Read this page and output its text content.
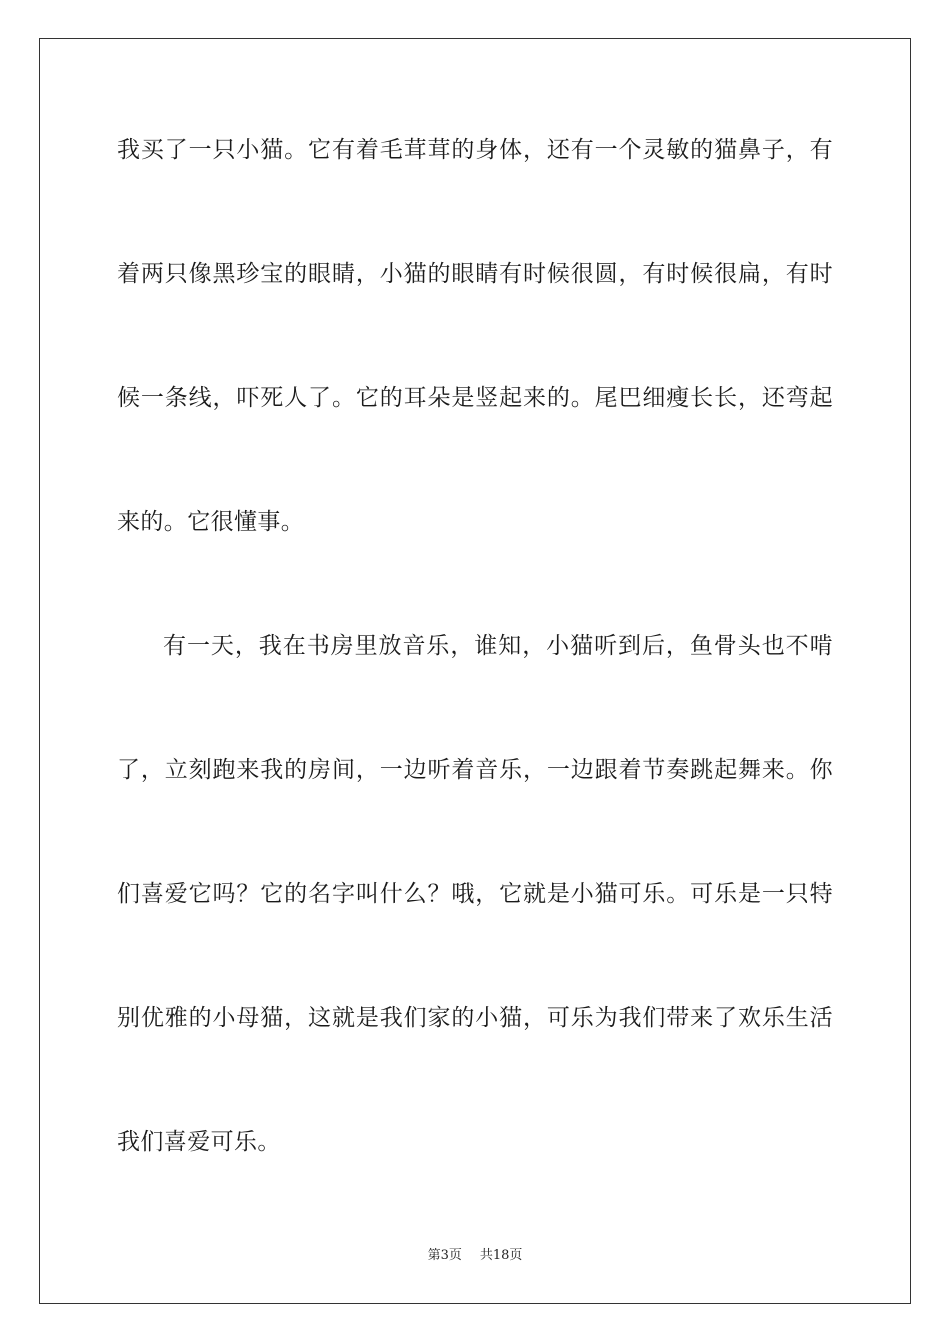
我买了一只小猫。它有着毛茸茸的身体，还有一个灵敏的猫鼻子，有
着两只像黑珍宝的眼睛，小猫的眼睛有时候很圆，有时候很扁，有时
候一条线，吓死人了。它的耳朵是竖起来的。尾巴细瘦长长，还弯起
来的。它很懂事。
有一天，我在书房里放音乐，谁知，小猫听到后，鱼骨头也不啃
了，立刻跑来我的房间，一边听着音乐，一边跟着节奏跳起舞来。你
们喜爱它吗？它的名字叫什么？哦，它就是小猫可乐。可乐是一只特
别优雅的小母猫，这就是我们家的小猫，可乐为我们带来了欢乐生活
我们喜爱可乐。
第3页 共18页
